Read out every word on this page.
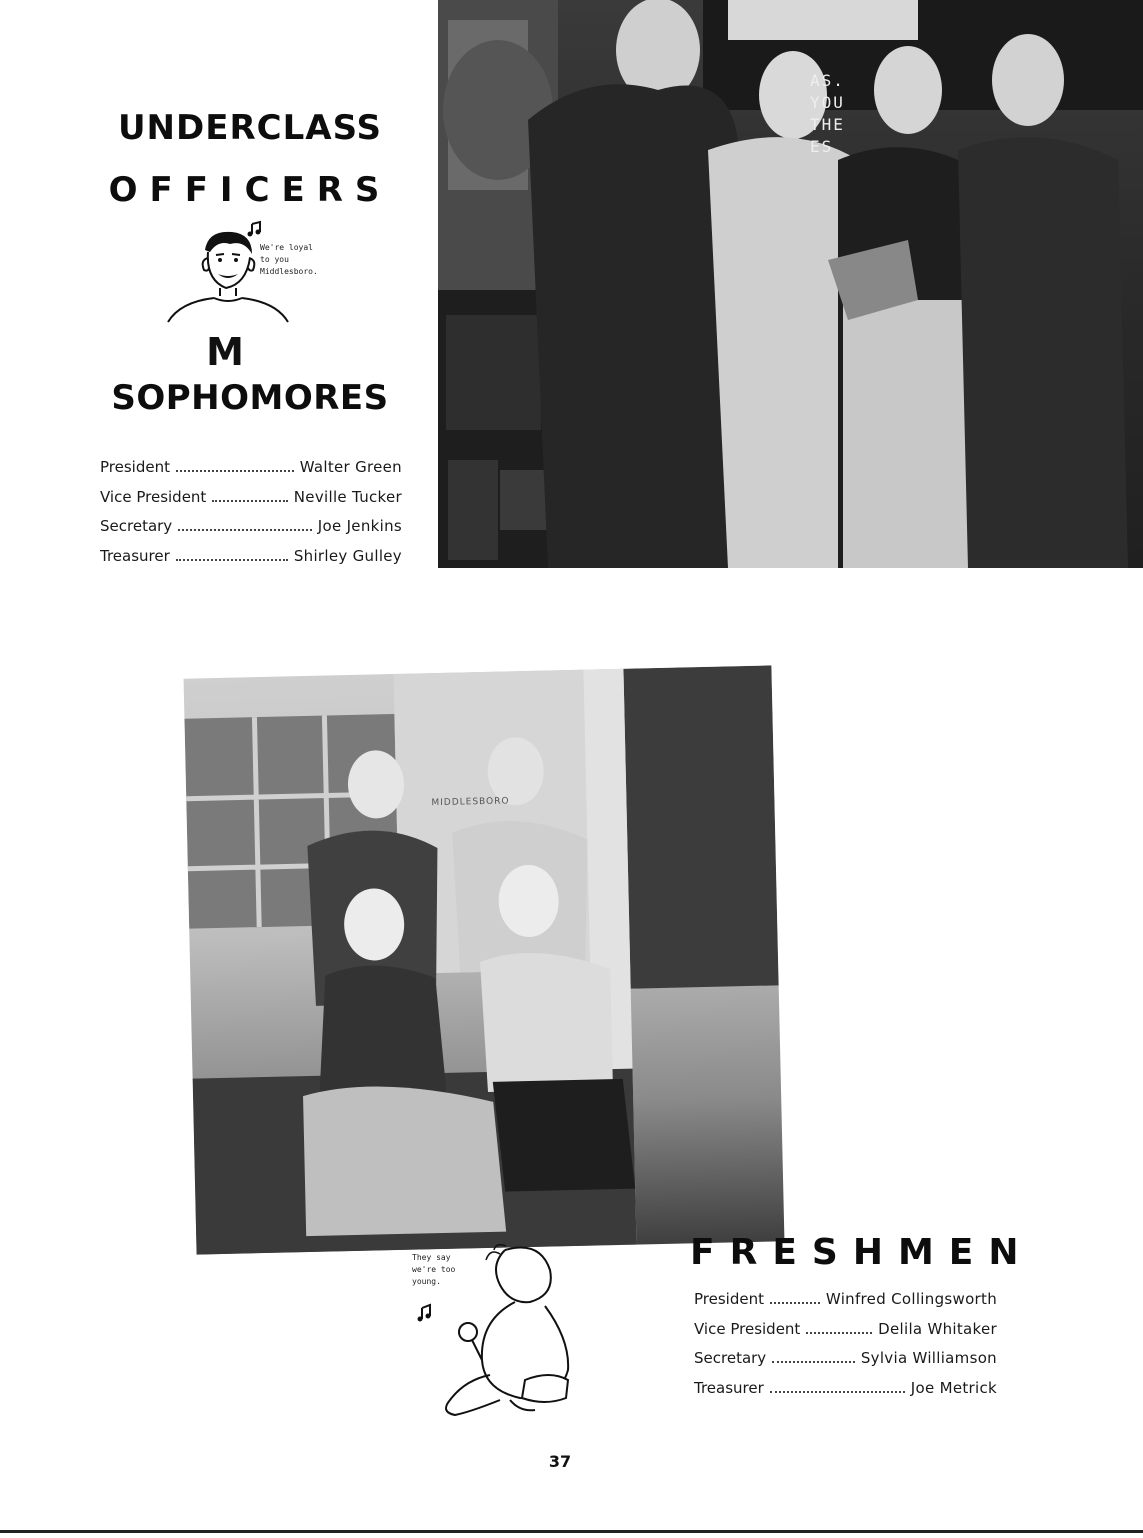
UNDERCLASS
OFFICERS
We're loyal
to you
Middlesboro.
M
SOPHOMORES
President	Walter Green
Vice President	Neville Tucker
Secretary	Joe Jenkins
Treasurer	Shirley Gulley
AS.
YOU
THE
ES
MIDDLESBORO
They say
we're too
young.
FRESHMEN
President	Winfred Collingsworth
Vice President	Delila Whitaker
Secretary	Sylvia Williamson
Treasurer	Joe Metrick
37
